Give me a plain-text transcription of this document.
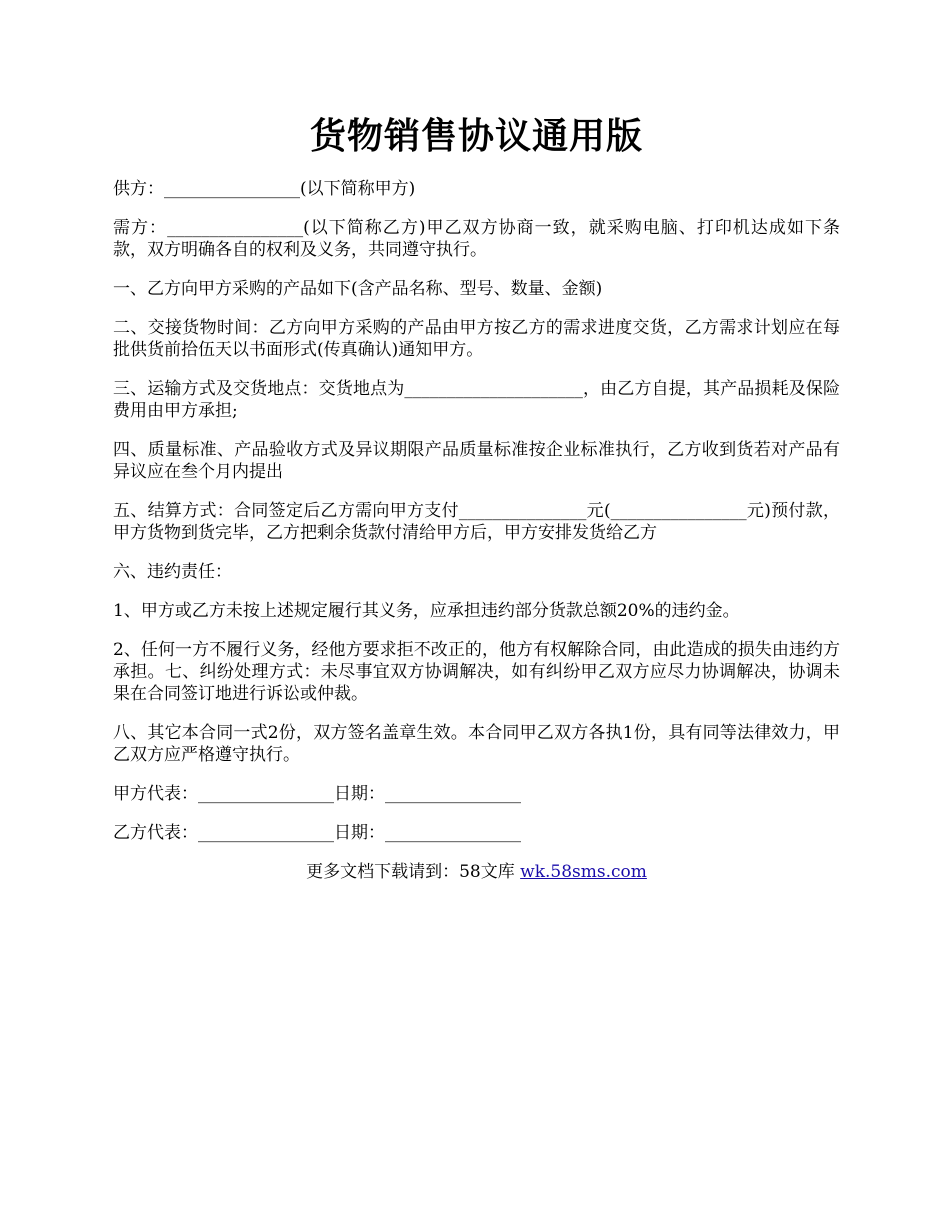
货物销售协议通用版

供方：________________(以下简称甲方)

需方：________________(以下简称乙方)甲乙双方协商一致，就采购电脑、打印机达成如下条款，双方明确各自的权利及义务，共同遵守执行。

一、乙方向甲方采购的产品如下(含产品名称、型号、数量、金额)

二、交接货物时间：乙方向甲方采购的产品由甲方按乙方的需求进度交货，乙方需求计划应在每批供货前拾伍天以书面形式(传真确认)通知甲方。

三、运输方式及交货地点：交货地点为_____________________，由乙方自提，其产品损耗及保险费用由甲方承担;

四、质量标准、产品验收方式及异议期限产品质量标准按企业标准执行，乙方收到货若对产品有异议应在叁个月内提出

五、结算方式：合同签定后乙方需向甲方支付_______________元(________________元)预付款，甲方货物到货完毕，乙方把剩余货款付清给甲方后，甲方安排发货给乙方

六、违约责任：

1、甲方或乙方未按上述规定履行其义务，应承担违约部分货款总额20%的违约金。

2、任何一方不履行义务，经他方要求拒不改正的，他方有权解除合同，由此造成的损失由违约方承担。七、纠纷处理方式：未尽事宜双方协调解决，如有纠纷甲乙双方应尽力协调解决，协调未果在合同签订地进行诉讼或仲裁。

八、其它本合同一式2份，双方签名盖章生效。本合同甲乙双方各执1份，具有同等法律效力，甲乙双方应严格遵守执行。

甲方代表：________________日期：________________

乙方代表：________________日期：________________

更多文档下载请到：58文库 wk.58sms.com
